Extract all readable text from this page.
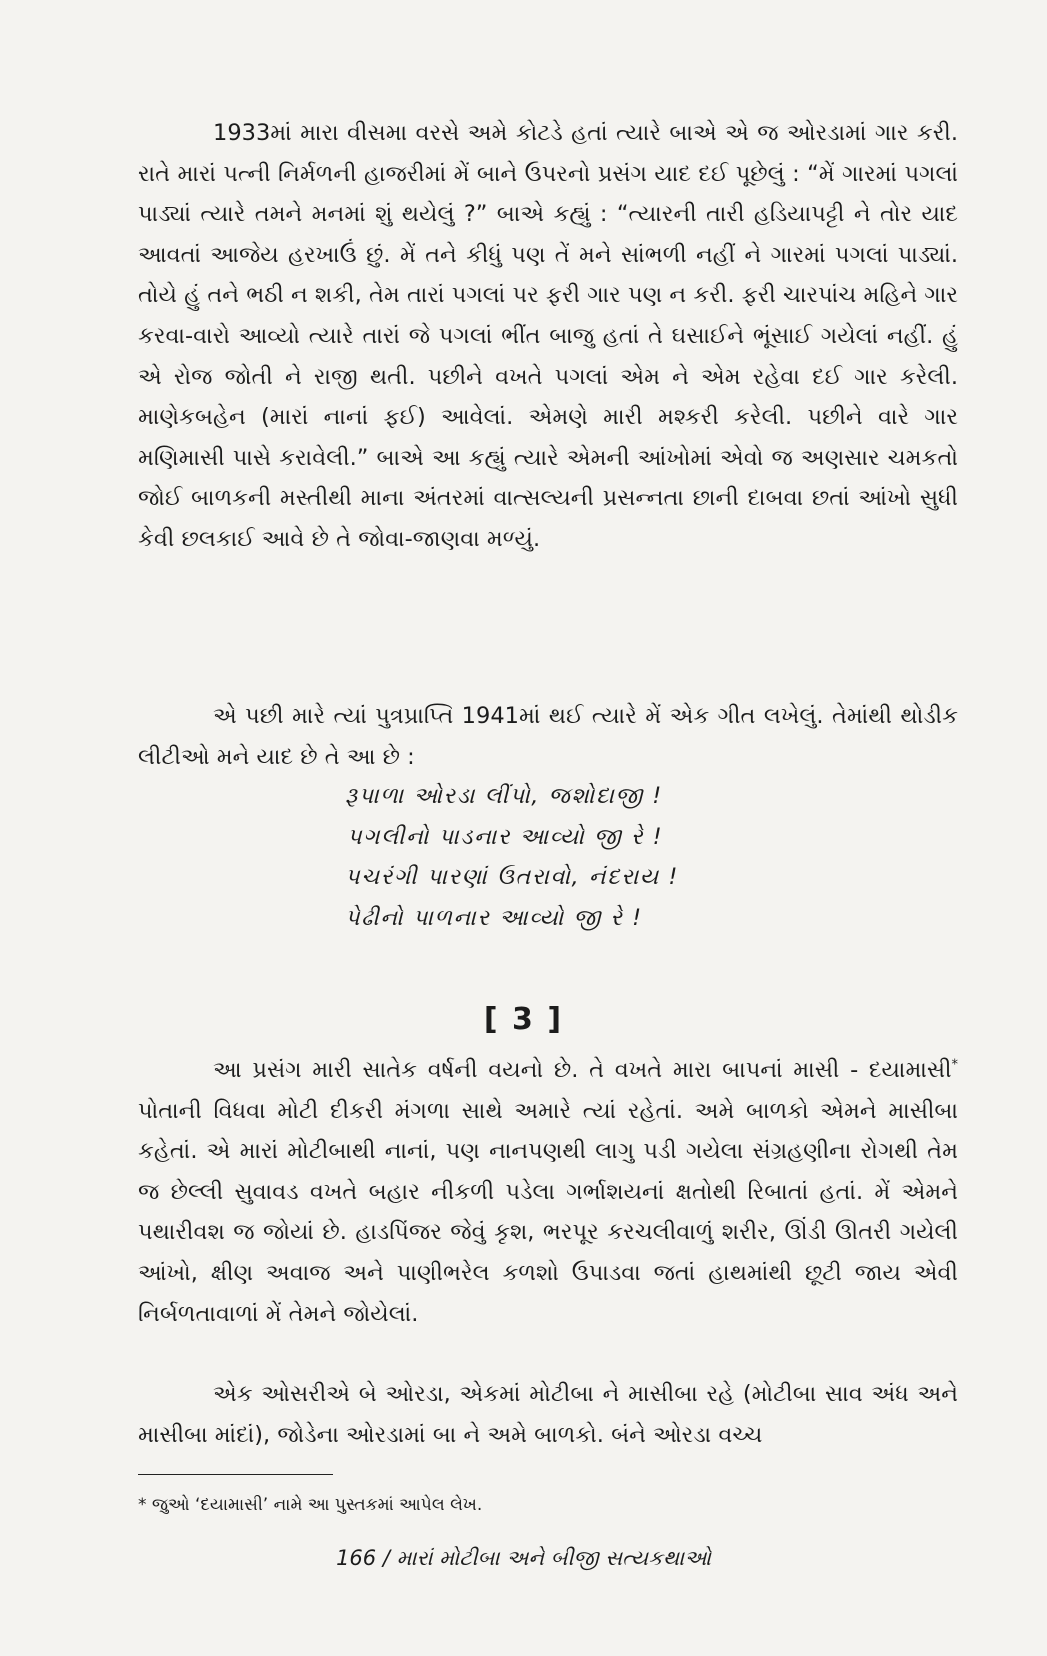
1933માં મારા વીસમા વરસે અમે કોટડે હતાં ત્યારે બાએ એ જ ઓરડામાં ગાર કરી. રાતે મારાં પત્ની નિર્મળની હાજરીમાં મેં બાને ઉપરનો પ્રસંગ યાદ દઈ પૂછેલું : “મેં ગારમાં પગલાં પાડ્યાં ત્યારે તમને મનમાં શું થયેલું ?” બાએ કહ્યું : “ત્યારની તારી હડિયાપટ્ટી ને તોર યાદ આવતાં આજેય હરખાઉં છું. મેં તને કીધું પણ તેં મને સાંભળી નહીં ને ગારમાં પગલાં પાડ્યાં. તોયે હું તને ભઠી ન શકી, તેમ તારાં પગલાં પર ફરી ગાર પણ ન કરી. ફરી ચારપાંચ મહિને ગાર કરવા-વારો આવ્યો ત્યારે તારાં જે પગલાં ભીંત બાજુ હતાં તે ઘસાઈને ભૂંસાઈ ગયેલાં નહીં. હું એ રોજ જોતી ને રાજી થતી. પછીને વખતે પગલાં એમ ને એમ રહેવા દઈ ગાર કરેલી. માણેકબહેન (મારાં નાનાં ફઈ) આવેલાં. એમણે મારી મશ્કરી કરેલી. પછીને વારે ગાર મણિમાસી પાસે કરાવેલી.” બાએ આ કહ્યું ત્યારે એમની આંખોમાં એવો જ અણસાર ચમકતો જોઈ બાળકની મસ્તીથી માના અંતરમાં વાત્સલ્યની પ્રસન્નતા છાની દાબવા છતાં આંખો સુધી કેવી છલકાઈ આવે છે તે જોવા-જાણવા મળ્યું.

એ પછી મારે ત્યાં પુત્રપ્રાપ્તિ 1941માં થઈ ત્યારે મેં એક ગીત લખેલું. તેમાંથી થોડીક લીટીઓ મને યાદ છે તે આ છે :

રૂપાળા ઓરડા લીંપો, જશોદાજી !
પગલીનો પાડનાર આવ્યો જી રે !
પચરંગી પારણાં ઉતરાવો, નંદરાય !
પેઢીનો પાળનાર આવ્યો જી રે !
[ 3 ]

આ પ્રસંગ મારી સાતેક વર્ષની વયનો છે. તે વખતે મારા બાપનાં માસી - દયામાસી* પોતાની વિધવા મોટી દીકરી મંગળા સાથે અમારે ત્યાં રહેતાં. અમે બાળકો એમને માસીબા કહેતાં. એ મારાં મોટીબાથી નાનાં, પણ નાનપણથી લાગુ પડી ગયેલા સંગ્રહણીના રોગથી તેમ જ છેલ્લી સુવાવડ વખતે બહાર નીકળી પડેલા ગર્ભાશયનાં ક્ષતોથી રિબાતાં હતાં. મેં એમને પથારીવશ જ જોયાં છે. હાડપિંજર જેવું કૃશ, ભરપૂર કરચલીવાળું શરીર, ઊંડી ઊતરી ગયેલી આંખો, ક્ષીણ અવાજ અને પાણીભરેલ કળશો ઉપાડવા જતાં હાથમાંથી છૂટી જાય એવી નિર્બળતાવાળાં મેં તેમને જોયેલાં.

એક ઓસરીએ બે ઓરડા, એકમાં મોટીબા ને માસીબા રહે (મોટીબા સાવ અંધ અને માસીબા માંદાં), જોડેના ઓરડામાં બા ને અમે બાળકો. બંને ઓરડા વચ્ચ

* જુઓ ‘દયામાસી’ નામે આ પુસ્તકમાં આપેલ લેખ.
166 / મારાં મોટીબા અને બીજી સત્યકથાઓ
